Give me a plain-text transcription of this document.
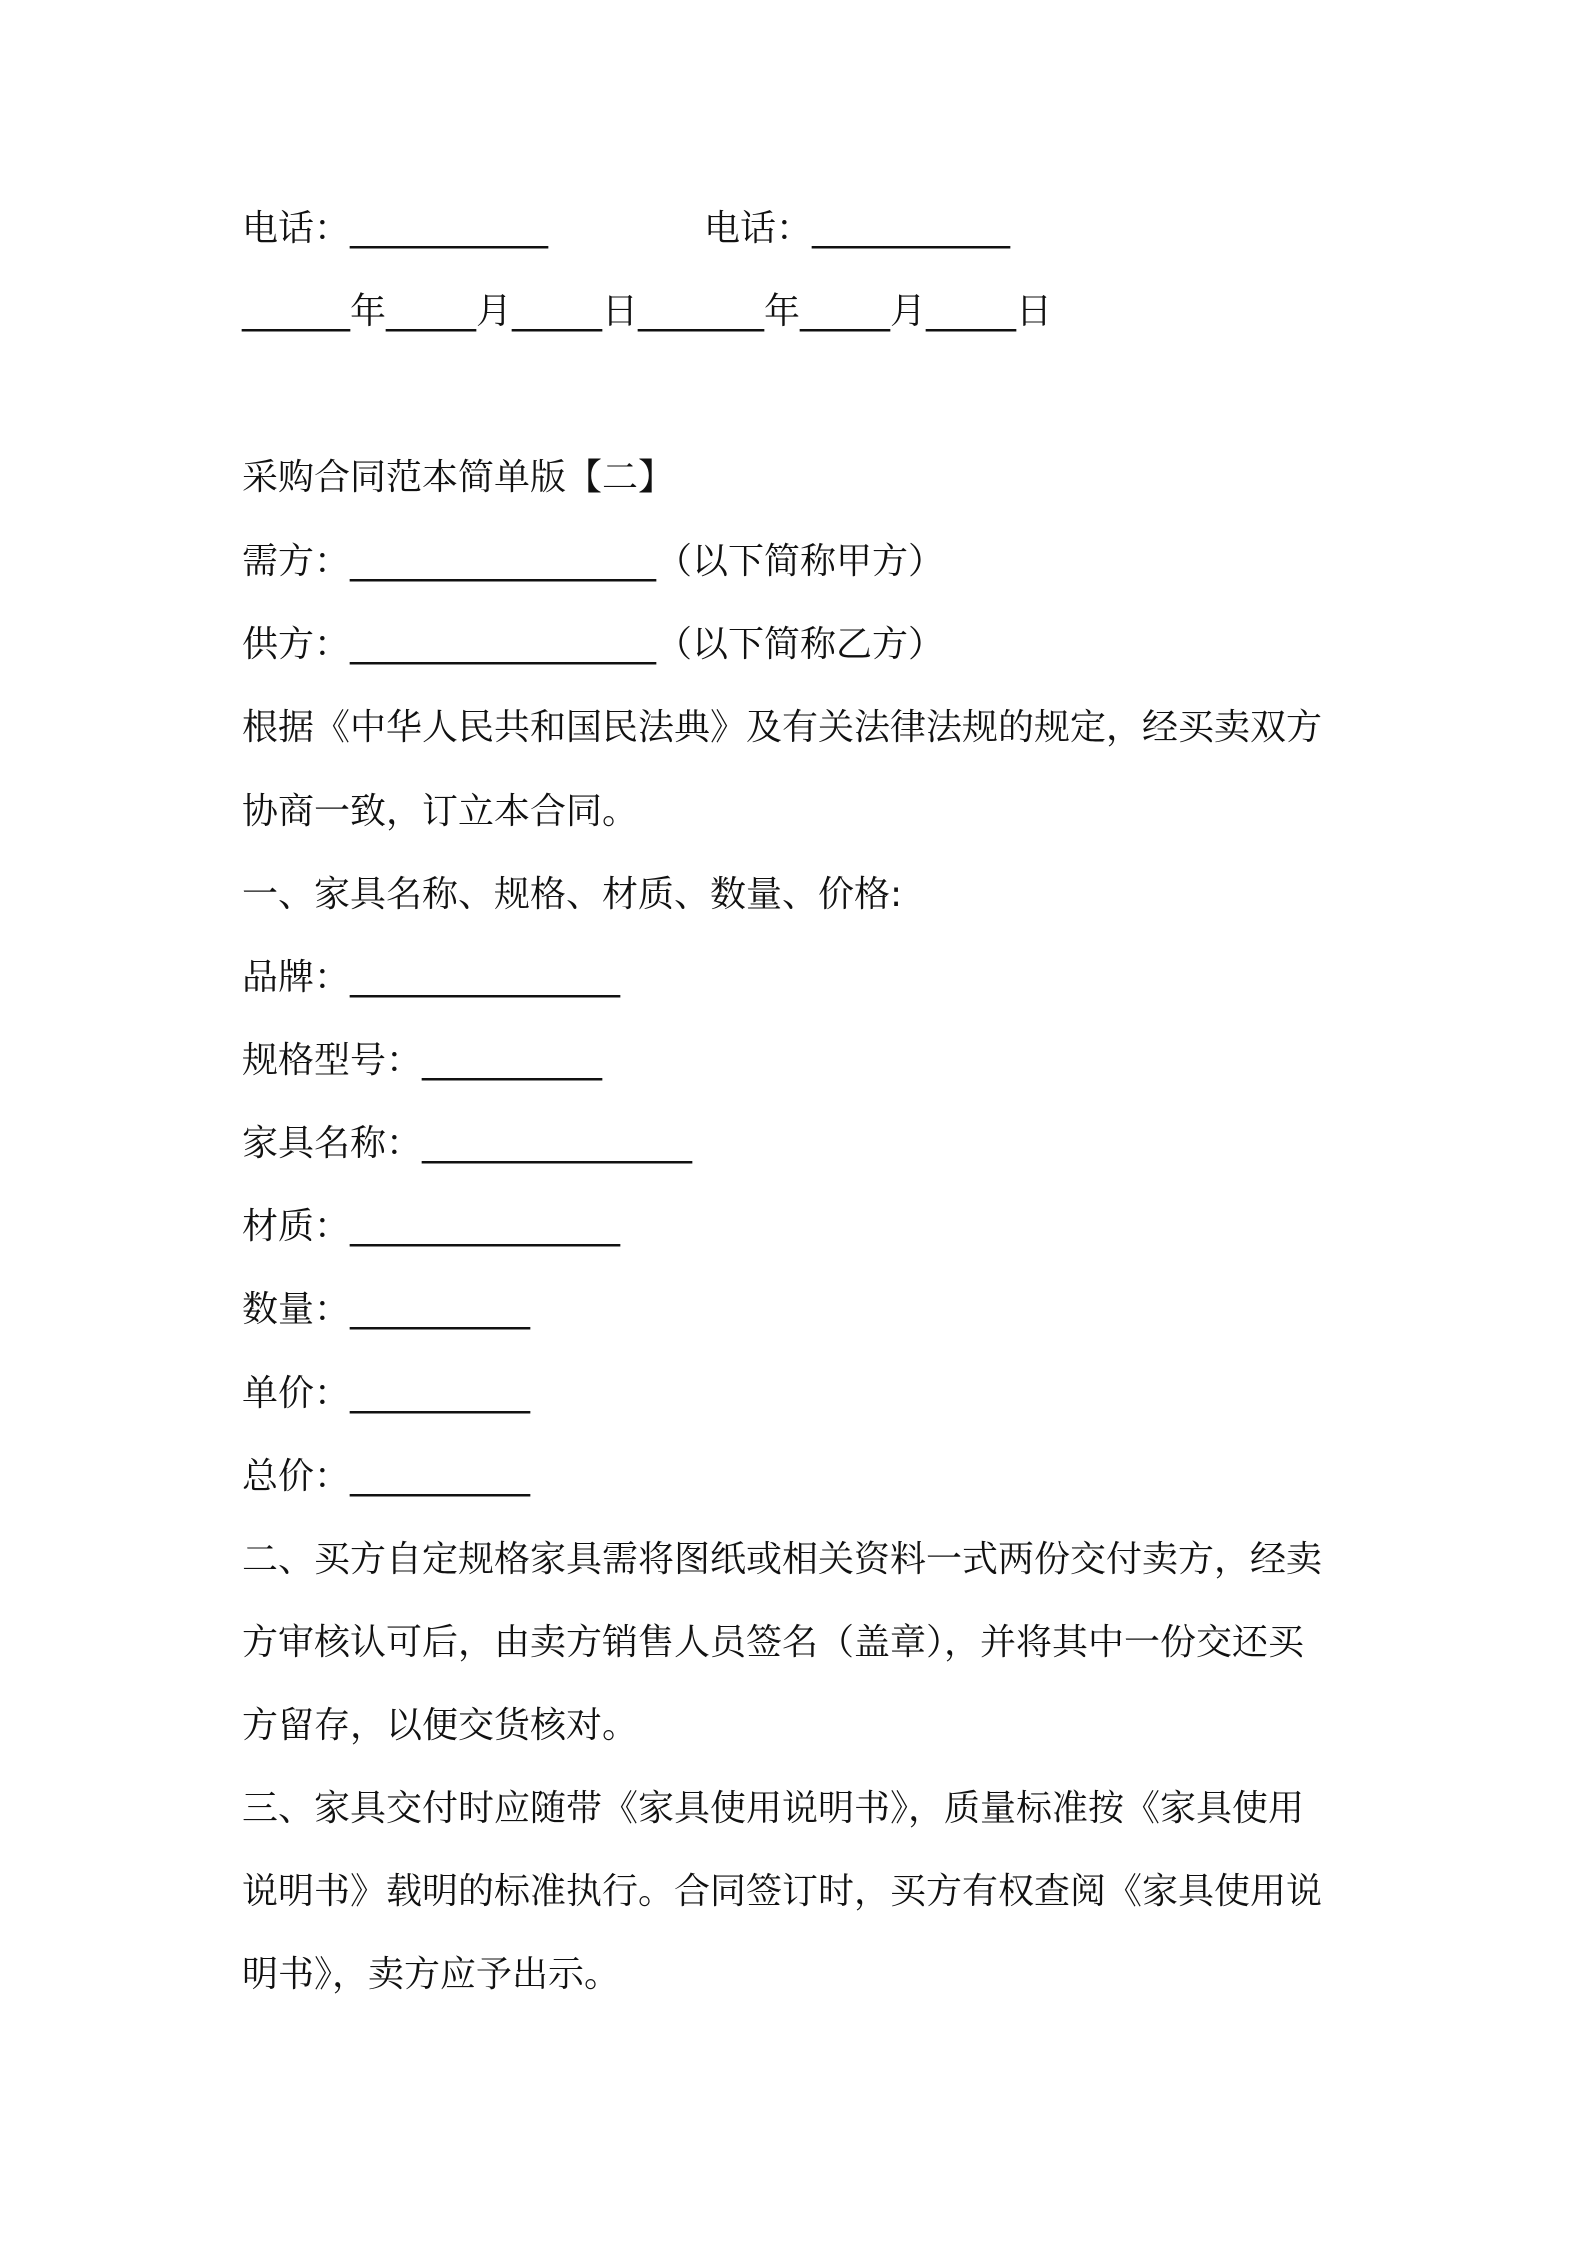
电话：___________	电话：___________
______年_____月_____日_______年_____月_____日
采购合同范本简单版【二】
需方：_________________（以下简称甲方）
供方：_________________（以下简称乙方）
根据《中华人民共和国民法典》及有关法律法规的规定，经买卖双方
协商一致，订立本合同。
一、家具名称、规格、材质、数量、价格:
品牌：_______________
规格型号：__________
家具名称：_______________
材质：_______________
数量：__________
单价：__________
总价：__________
二、买方自定规格家具需将图纸或相关资料一式两份交付卖方，经卖
方审核认可后，由卖方销售人员签名（盖章），并将其中一份交还买
方留存，以便交货核对。
三、家具交付时应随带《家具使用说明书》，质量标准按《家具使用
说明书》载明的标准执行。合同签订时，买方有权查阅《家具使用说
明书》，卖方应予出示。
